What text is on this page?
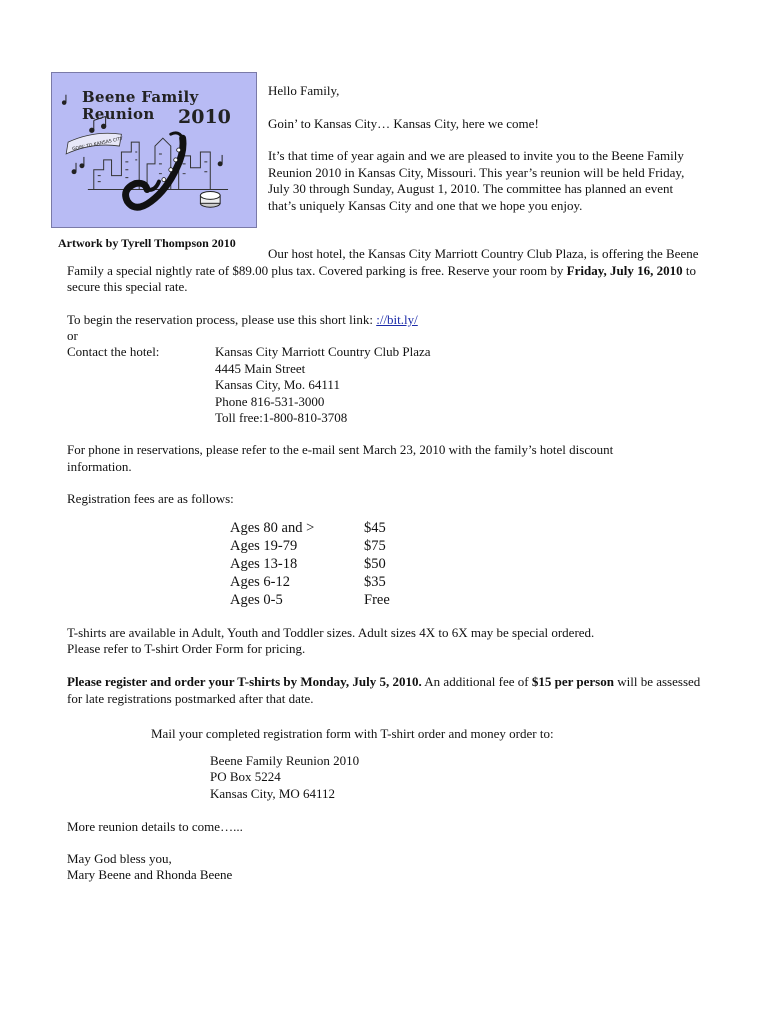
Beene Family Reunion	2010
GOIN' TO KANSAS CITY
Artwork by Tyrell Thompson 2010

Hello Family,

Goin’ to Kansas City… Kansas City, here we come!

It’s that time of year again and we are pleased to invite you to the Beene Family Reunion 2010 in Kansas City, Missouri. This year’s reunion will be held Friday, July 30 through Sunday, August 1, 2010. The committee has planned an event that’s uniquely Kansas City and one that we hope you enjoy.

Our host hotel, the Kansas City Marriott Country Club Plaza, is offering the Beene Family a special nightly rate of $89.00 plus tax. Covered parking is free. Reserve your room by Friday, July 16, 2010 to secure this special rate.

To begin the reservation process, please use this short link: ://bit.ly/

or

Contact the hotel:	Kansas City Marriott Country Club Plaza
	4445 Main Street
	Kansas City, Mo. 64111
	Phone 816-531-3000
	Toll free:1-800-810-3708

For phone in reservations, please refer to the e-mail sent March 23, 2010 with the family’s hotel discount information.

Registration fees are as follows:

Ages 80 and >	$45
Ages 19-79	$75
Ages 13-18	$50
Ages 6-12	$35
Ages 0-5	Free

T-shirts are available in Adult, Youth and Toddler sizes. Adult sizes 4X to 6X may be special ordered.

Please refer to T-shirt Order Form for pricing.

Please register and order your T-shirts by Monday, July 5, 2010. An additional fee of $15 per person will be assessed for late registrations postmarked after that date.

Mail your completed registration form with T-shirt order and money order to:

Beene Family Reunion 2010

PO Box 5224

Kansas City, MO 64112

More reunion details to come…...

May God bless you,

Mary Beene and Rhonda Beene
